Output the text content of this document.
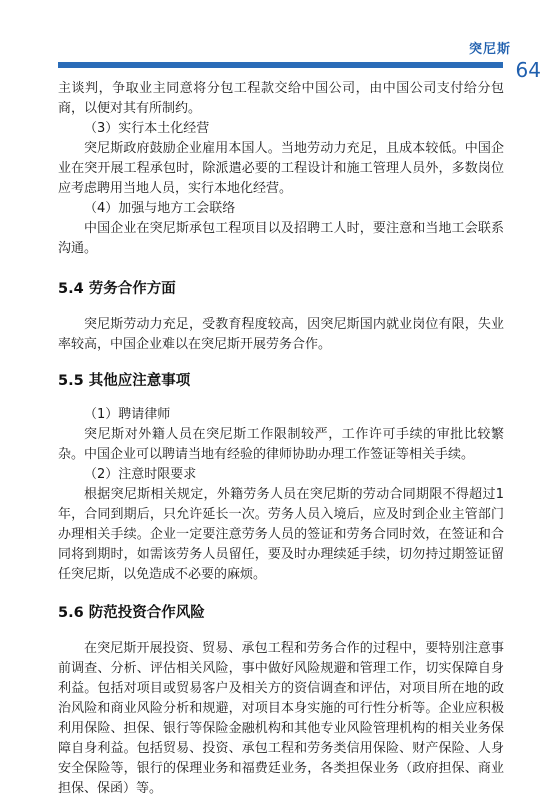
突尼斯
64

主谈判，争取业主同意将分包工程款交给中国公司，由中国公司支付给分包商，以便对其有所制约。

（3）实行本土化经营

突尼斯政府鼓励企业雇用本国人。当地劳动力充足，且成本较低。中国企业在突开展工程承包时，除派遣必要的工程设计和施工管理人员外，多数岗位应考虑聘用当地人员，实行本地化经营。

（4）加强与地方工会联络

中国企业在突尼斯承包工程项目以及招聘工人时，要注意和当地工会联系沟通。

5.4 劳务合作方面

突尼斯劳动力充足，受教育程度较高，因突尼斯国内就业岗位有限，失业率较高，中国企业难以在突尼斯开展劳务合作。

5.5 其他应注意事项

（1）聘请律师

突尼斯对外籍人员在突尼斯工作限制较严，工作许可手续的审批比较繁杂。中国企业可以聘请当地有经验的律师协助办理工作签证等相关手续。

（2）注意时限要求

根据突尼斯相关规定，外籍劳务人员在突尼斯的劳动合同期限不得超过1年，合同到期后，只允许延长一次。劳务人员入境后，应及时到企业主管部门办理相关手续。企业一定要注意劳务人员的签证和劳务合同时效，在签证和合同将到期时，如需该劳务人员留任，要及时办理续延手续，切勿持过期签证留任突尼斯，以免造成不必要的麻烦。

5.6 防范投资合作风险

在突尼斯开展投资、贸易、承包工程和劳务合作的过程中，要特别注意事前调查、分析、评估相关风险，事中做好风险规避和管理工作，切实保障自身利益。包括对项目或贸易客户及相关方的资信调查和评估，对项目所在地的政治风险和商业风险分析和规避，对项目本身实施的可行性分析等。企业应积极利用保险、担保、银行等保险金融机构和其他专业风险管理机构的相关业务保障自身利益。包括贸易、投资、承包工程和劳务类信用保险、财产保险、人身安全保险等，银行的保理业务和福费廷业务，各类担保业务（政府担保、商业担保、保函）等。
